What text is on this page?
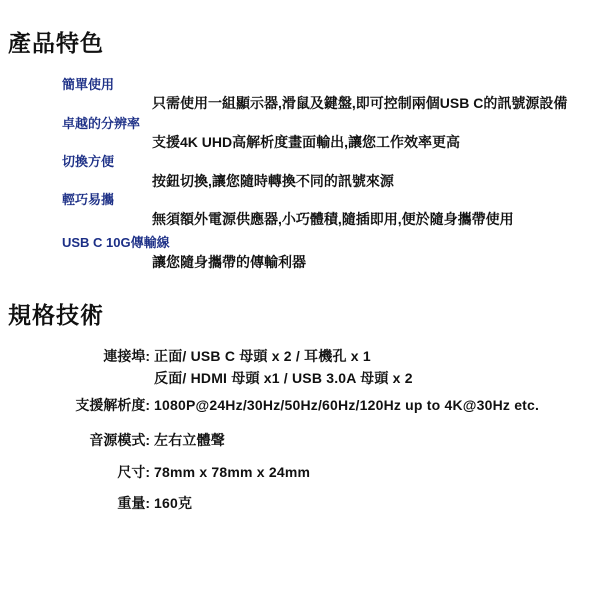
產品特色
簡單使用
只需使用一組顯示器,滑鼠及鍵盤,即可控制兩個USB C的訊號源設備
卓越的分辨率
支援4K UHD高解析度畫面輸出,讓您工作效率更高
切換方便
按鈕切換,讓您隨時轉換不同的訊號來源
輕巧易攜
無須額外電源供應器,小巧體積,隨插即用,便於隨身攜帶使用
USB C 10G傳輸線
讓您隨身攜帶的傳輸利器
規格技術
連接埠: 正面/ USB C 母頭 x 2 / 耳機孔 x 1
反面/ HDMI 母頭 x1 / USB 3.0A 母頭 x 2
支援解析度: 1080P@24Hz/30Hz/50Hz/60Hz/120Hz up to 4K@30Hz etc.
音源模式: 左右立體聲
尺寸: 78mm x 78mm x 24mm
重量: 160克
